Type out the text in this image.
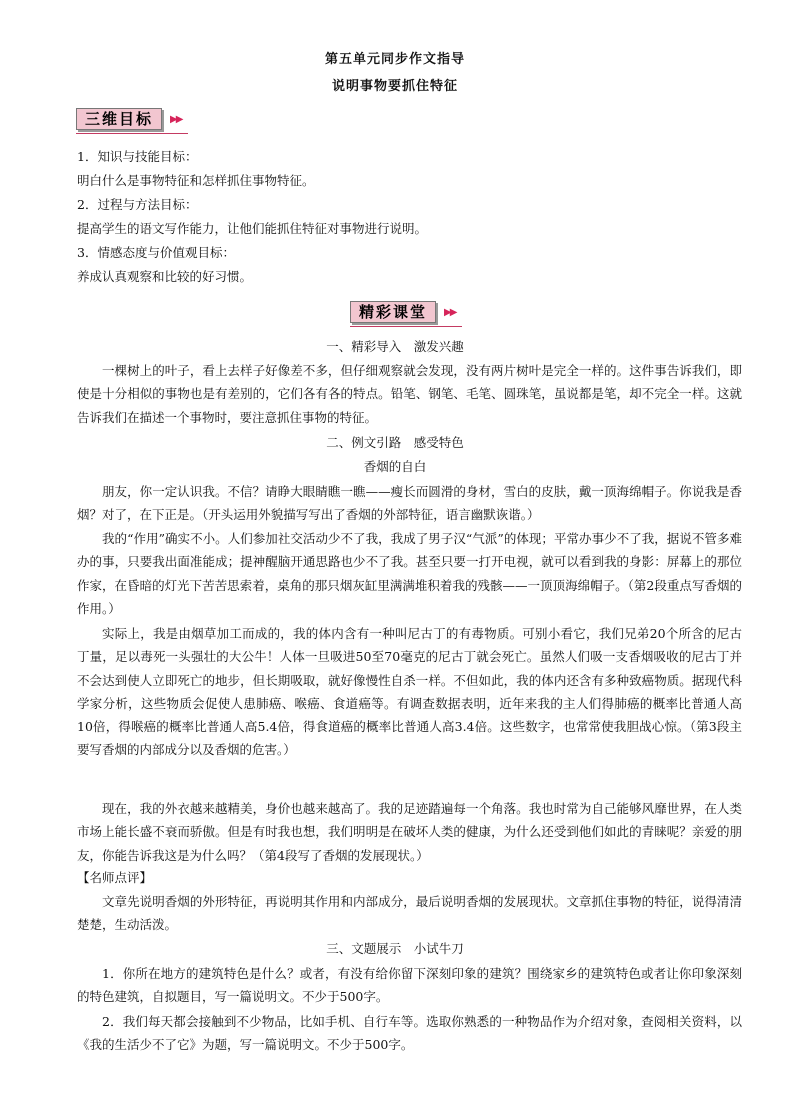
第五单元同步作文指导
说明事物要抓住特征
三维目标	▶▶
1．知识与技能目标：
明白什么是事物特征和怎样抓住事物特征。
2．过程与方法目标：
提高学生的语文写作能力，让他们能抓住特征对事物进行说明。
3．情感态度与价值观目标：
养成认真观察和比较的好习惯。
精彩课堂	▶▶
一、精彩导入　激发兴趣

一棵树上的叶子，看上去样子好像差不多，但仔细观察就会发现，没有两片树叶是完全一样的。这件事告诉我们，即使是十分相似的事物也是有差别的，它们各有各的特点。铅笔、钢笔、毛笔、圆珠笔，虽说都是笔，却不完全一样。这就告诉我们在描述一个事物时，要注意抓住事物的特征。

二、例文引路　感受特色
香烟的自白

朋友，你一定认识我。不信？请睁大眼睛瞧一瞧——瘦长而圆滑的身材，雪白的皮肤，戴一顶海绵帽子。你说我是香烟？对了，在下正是。（开头运用外貌描写写出了香烟的外部特征，语言幽默诙谐。）

我的“作用”确实不小。人们参加社交活动少不了我，我成了男子汉“气派”的体现；平常办事少不了我，据说不管多难办的事，只要我出面准能成；提神醒脑开通思路也少不了我。甚至只要一打开电视，就可以看到我的身影：屏幕上的那位作家，在昏暗的灯光下苦苦思索着，桌角的那只烟灰缸里满满堆积着我的残骸——一顶顶海绵帽子。（第2段重点写香烟的作用。）

实际上，我是由烟草加工而成的，我的体内含有一种叫尼古丁的有毒物质。可别小看它，我们兄弟20个所含的尼古丁量，足以毒死一头强壮的大公牛！人体一旦吸进50至70毫克的尼古丁就会死亡。虽然人们吸一支香烟吸收的尼古丁并不会达到使人立即死亡的地步，但长期吸取，就好像慢性自杀一样。不但如此，我的体内还含有多种致癌物质。据现代科学家分析，这些物质会促使人患肺癌、喉癌、食道癌等。有调查数据表明，近年来我的主人们得肺癌的概率比普通人高10倍，得喉癌的概率比普通人高5.4倍，得食道癌的概率比普通人高3.4倍。这些数字，也常常使我胆战心惊。（第3段主要写香烟的内部成分以及香烟的危害。）

现在，我的外衣越来越精美，身价也越来越高了。我的足迹踏遍每一个角落。我也时常为自己能够风靡世界，在人类市场上能长盛不衰而骄傲。但是有时我也想，我们明明是在破坏人类的健康，为什么还受到他们如此的青睐呢？亲爱的朋友，你能告诉我这是为什么吗？（第4段写了香烟的发展现状。）

【名师点评】

文章先说明香烟的外形特征，再说明其作用和内部成分，最后说明香烟的发展现状。文章抓住事物的特征，说得清清楚楚，生动活泼。

三、文题展示　小试牛刀

1．你所在地方的建筑特色是什么？或者，有没有给你留下深刻印象的建筑？围绕家乡的建筑特色或者让你印象深刻的特色建筑，自拟题目，写一篇说明文。不少于500字。

2．我们每天都会接触到不少物品，比如手机、自行车等。选取你熟悉的一种物品作为介绍对象，查阅相关资料，以《我的生活少不了它》为题，写一篇说明文。不少于500字。
